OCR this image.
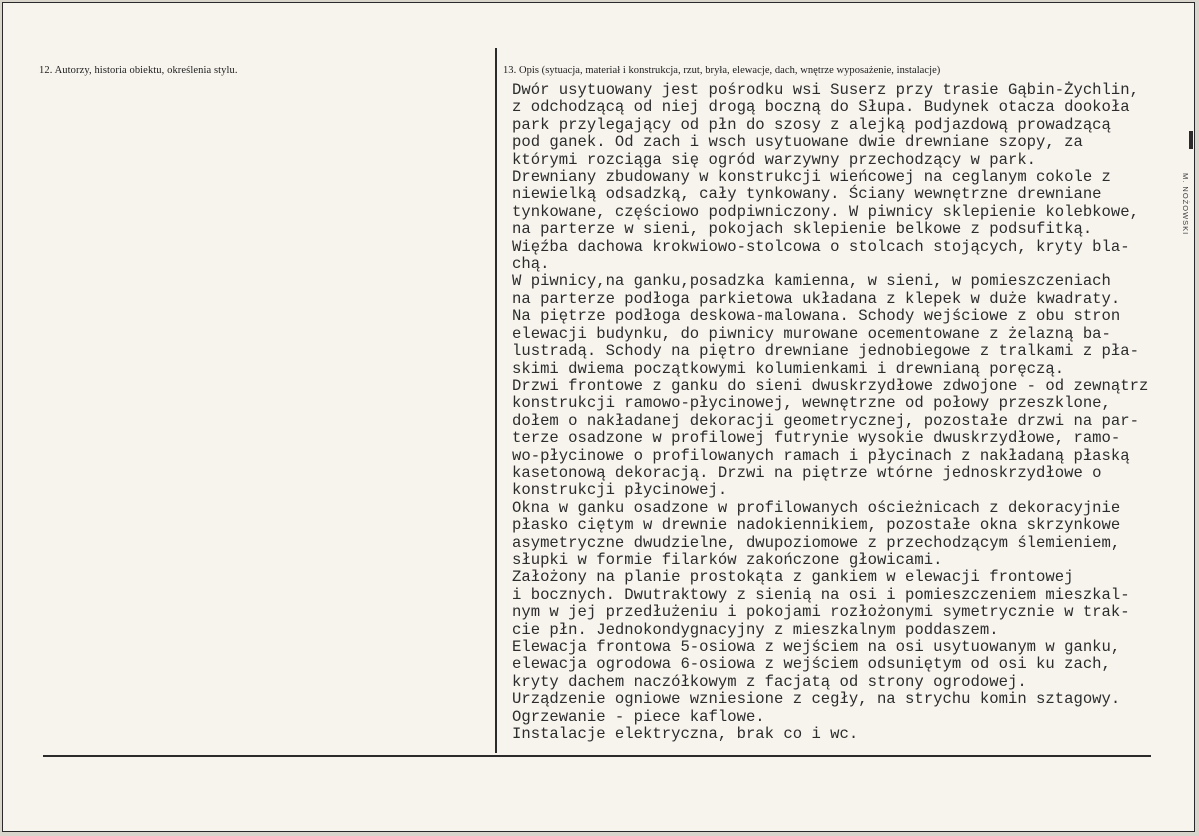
12. Autorzy, historia obiektu, określenia stylu.	13. Opis (sytuacja, materiał i konstrukcja, rzut, bryła, elewacje, dach, wnętrze wyposażenie, instalacje)
Dwór usytuowany jest pośrodku wsi Suserz przy trasie Gąbin-Żychlin,
z odchodzącą od niej drogą boczną do Słupa. Budynek otacza dookoła
park przylegający od płn do szosy z alejką podjazdową prowadzącą
pod ganek. Od zach i wsch usytuowane dwie drewniane szopy, za
którymi rozciąga się ogród warzywny przechodzący w park.
Drewniany zbudowany w konstrukcji wieńcowej na ceglanym cokole z
niewielką odsadzką, cały tynkowany. Ściany wewnętrzne drewniane
tynkowane, częściowo podpiwniczony. W piwnicy sklepienie kolebkowe,
na parterze w sieni, pokojach sklepienie belkowe z podsufitką.
Więźba dachowa krokwiowo-stolcowa o stolcach stojących, kryty bla-
chą.
W piwnicy,na ganku,posadzka kamienna, w sieni, w pomieszczeniach
na parterze podłoga parkietowa układana z klepek w duże kwadraty.
Na piętrze podłoga deskowa-malowana. Schody wejściowe z obu stron
elewacji budynku, do piwnicy murowane ocementowane z żelazną ba-
lustradą. Schody na piętro drewniane jednobiegowe z tralkami z pła-
skimi dwiema początkowymi kolumienkami i drewnianą poręczą.
Drzwi frontowe z ganku do sieni dwuskrzydłowe zdwojone - od zewnątrz
konstrukcji ramowo-płycinowej, wewnętrzne od połowy przeszklone,
dołem o nakładanej dekoracji geometrycznej, pozostałe drzwi na par-
terze osadzone w profilowej futrynie wysokie dwuskrzydłowe, ramo-
wo-płycinowe o profilowanych ramach i płycinach z nakładaną płaską
kasetonową dekoracją. Drzwi na piętrze wtórne jednoskrzydłowe o
konstrukcji płycinowej.
Okna w ganku osadzone w profilowanych ościeżnicach z dekoracyjnie
płasko ciętym w drewnie nadokiennikiem, pozostałe okna skrzynkowe
asymetryczne dwudzielne, dwupoziomowe z przechodzącym ślemieniem,
słupki w formie filarków zakończone głowicami.
Założony na planie prostokąta z gankiem w elewacji frontowej
i bocznych. Dwutraktowy z sienią na osi i pomieszczeniem mieszkal-
nym w jej przedłużeniu i pokojami rozłożonymi symetrycznie w trak-
cie płn. Jednokondygnacyjny z mieszkalnym poddaszem.
Elewacja frontowa 5-osiowa z wejściem na osi usytuowanym w ganku,
elewacja ogrodowa 6-osiowa z wejściem odsuniętym od osi ku zach,
kryty dachem naczółkowym z facjatą od strony ogrodowej.
Urządzenie ogniowe wzniesione z cegły, na strychu komin sztagowy.
Ogrzewanie - piece kaflowe.
Instalacje elektryczna, brak co i wc.
M. NOŻOWSKI
